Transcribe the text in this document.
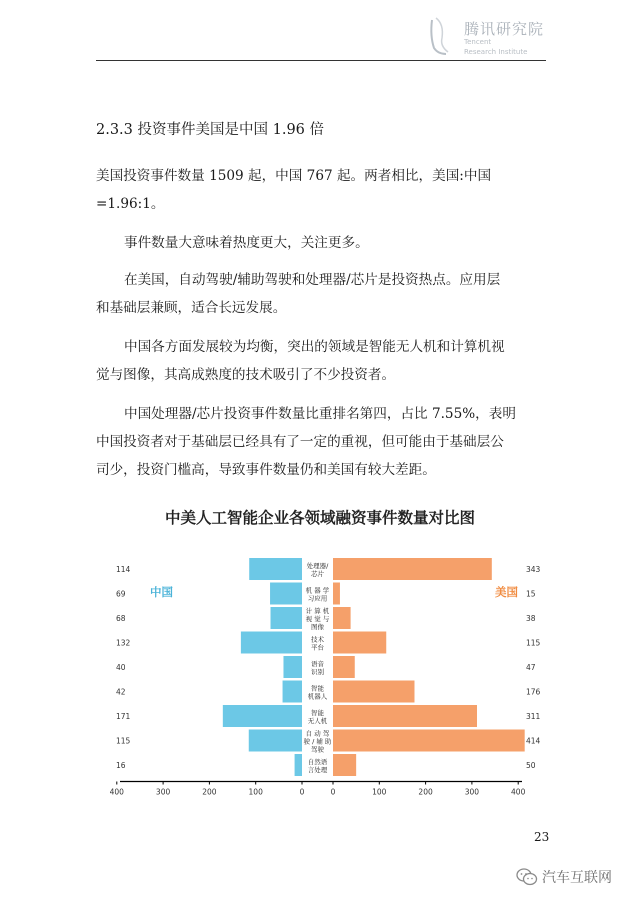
腾讯研究院
Tencent
Research Institute
2.3.3 投资事件美国是中国 1.96 倍
美国投资事件数量 1509 起，中国 767 起。两者相比，美国:中国
=1.96:1。
事件数量大意味着热度更大，关注更多。
在美国，自动驾驶/辅助驾驶和处理器/芯片是投资热点。应用层
和基础层兼顾，适合长远发展。
中国各方面发展较为均衡，突出的领域是智能无人机和计算机视
觉与图像，其高成熟度的技术吸引了不少投资者。
中国处理器/芯片投资事件数量比重排名第四，占比 7.55%，表明
中国投资者对于基础层已经具有了一定的重视，但可能由于基础层公
司少，投资门槛高，导致事件数量仍和美国有较大差距。
中美人工智能企业各领域融资事件数量对比图
114	343
处理器/
芯片
69	15
机 器 学
习应用
68	38
计 算 机
视 觉 与
图像
132	115
技术
平台
40	47
语音
识别
42	176
智能
机器人
171	311
智能
无人机
115	414
自 动 驾
驶 / 辅 助
驾驶
16	50
自然语
言处理
中国	美国
400	300	200	100	0	0	100	200	300	400
23
汽车互联网
